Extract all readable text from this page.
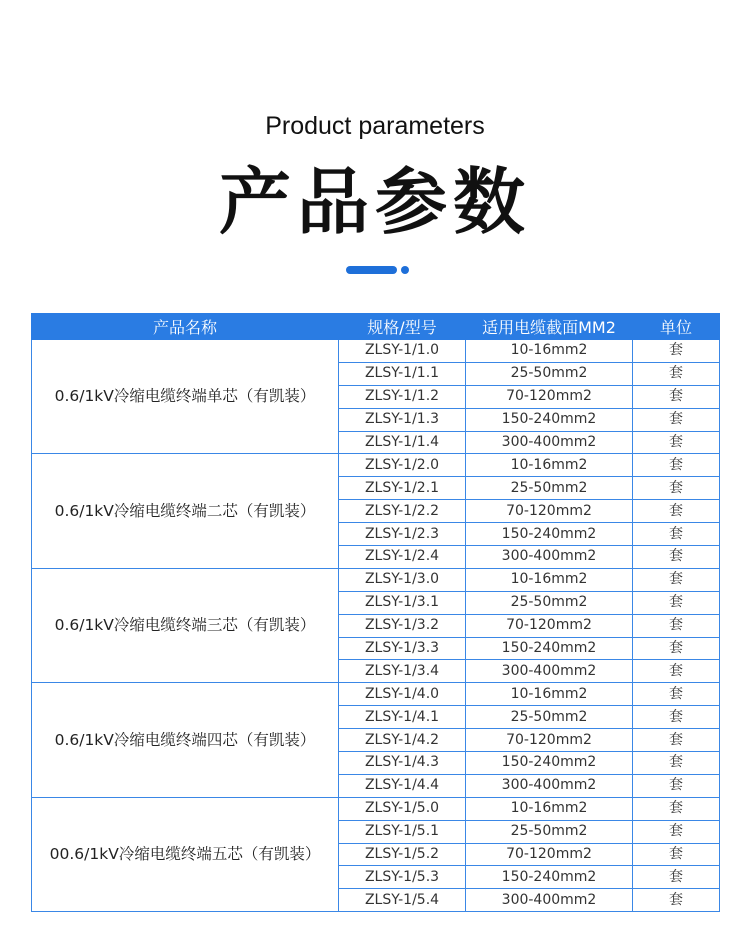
Product parameters
产品参数
产品名称	规格/型号	适用电缆截面MM2	单位
0.6/1kV冷缩电缆终端单芯（有凯装）	ZLSY-1/1.0	10-16mm2	套
	ZLSY-1/1.1	25-50mm2	套
	ZLSY-1/1.2	70-120mm2	套
	ZLSY-1/1.3	150-240mm2	套
	ZLSY-1/1.4	300-400mm2	套
0.6/1kV冷缩电缆终端二芯（有凯装）	ZLSY-1/2.0	10-16mm2	套
	ZLSY-1/2.1	25-50mm2	套
	ZLSY-1/2.2	70-120mm2	套
	ZLSY-1/2.3	150-240mm2	套
	ZLSY-1/2.4	300-400mm2	套
0.6/1kV冷缩电缆终端三芯（有凯装）	ZLSY-1/3.0	10-16mm2	套
	ZLSY-1/3.1	25-50mm2	套
	ZLSY-1/3.2	70-120mm2	套
	ZLSY-1/3.3	150-240mm2	套
	ZLSY-1/3.4	300-400mm2	套
0.6/1kV冷缩电缆终端四芯（有凯装）	ZLSY-1/4.0	10-16mm2	套
	ZLSY-1/4.1	25-50mm2	套
	ZLSY-1/4.2	70-120mm2	套
	ZLSY-1/4.3	150-240mm2	套
	ZLSY-1/4.4	300-400mm2	套
00.6/1kV冷缩电缆终端五芯（有凯装）	ZLSY-1/5.0	10-16mm2	套
	ZLSY-1/5.1	25-50mm2	套
	ZLSY-1/5.2	70-120mm2	套
	ZLSY-1/5.3	150-240mm2	套
	ZLSY-1/5.4	300-400mm2	套
